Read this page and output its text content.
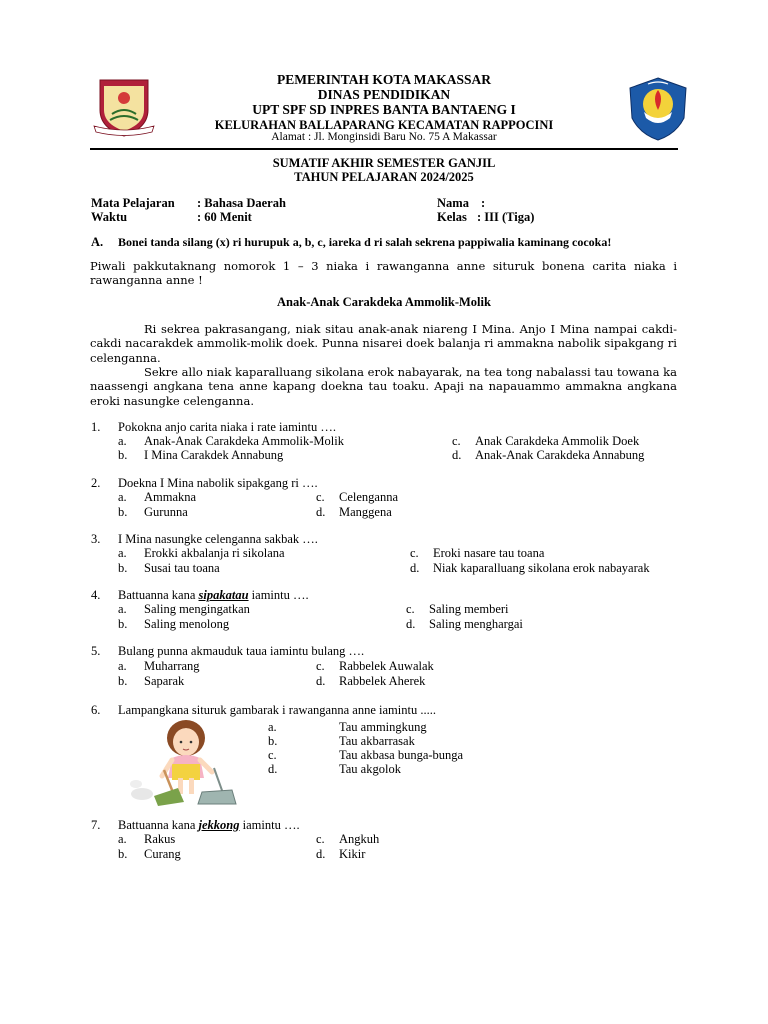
PEMERINTAH KOTA MAKASSAR
DINAS PENDIDIKAN
UPT SPF SD INPRES BANTA BANTAENG I
KELURAHAN BALLAPARANG KECAMATAN RAPPOCINI
Alamat : Jl. Monginsidi Baru No. 75 A Makassar
SUMATIF AKHIR SEMESTER GANJIL
TAHUN PELAJARAN 2024/2025
Mata Pelajaran : Bahasa Daerah
Waktu	: 60 Menit
Nama :
Kelas : III (Tiga)
A. Bonei tanda silang (x) ri hurupuk a, b, c, iareka d ri salah sekrena pappiwalia kaminang cocoka!
Piwali pakkutaknang nomorok 1 – 3 niaka i rawanganna anne situruk bonena carita niaka i rawanganna anne !
Anak-Anak Carakdeka Ammolik-Molik
Ri sekrea pakrasangang, niak sitau anak-anak niareng I Mina. Anjo I Mina nampai cakdi-cakdi nacarakdek ammolik-molik doek. Punna nisarei doek balanja ri ammakna nabolik sipakgang ri celenganna.
Sekre allo niak kaparalluang sikolana erok nabayarak, na tea tong nabalassi tau towana ka naassengi angkana tena anne kapang doekna tau toaku. Apaji na napauammo ammakna angkana eroki nasungke celenganna.
1. Pokokna anjo carita niaka i rate iamintu ….
a. Anak-Anak Carakdeka Ammolik-Molik
b. I Mina Carakdek Annabung
c. Anak Carakdeka Ammolik Doek
d. Anak-Anak Carakdeka Annabung
2. Doekna I Mina nabolik sipakgang ri ….
a. Ammakna
b. Gurunna
c. Celenganna
d. Manggena
3. I Mina nasungke celenganna sakbak ….
a. Erokki akbalanja ri sikolana
b. Susai tau toana
c. Eroki nasare tau toana
d. Niak kaparalluang sikolana erok nabayarak
4. Battuanna kana sipakatau iamintu ….
a. Saling mengingatkan
b. Saling menolong
c. Saling memberi
d. Saling menghargai
5. Bulang punna akmauduk taua iamintu bulang ….
a. Muharrang
b. Saparak
c. Rabbelek Auwalak
d. Rabbelek Aherek
6. Lampangkana situruk gambarak i rawanganna anne iamintu .....
a.	Tau ammingkung
b.	Tau akbarrasak
c.	Tau akbasa bunga-bunga
d.	Tau akgolok
7. Battuanna kana jekkong iamintu ….
a. Rakus
b. Curang
c. Angkuh
d. Kikir
